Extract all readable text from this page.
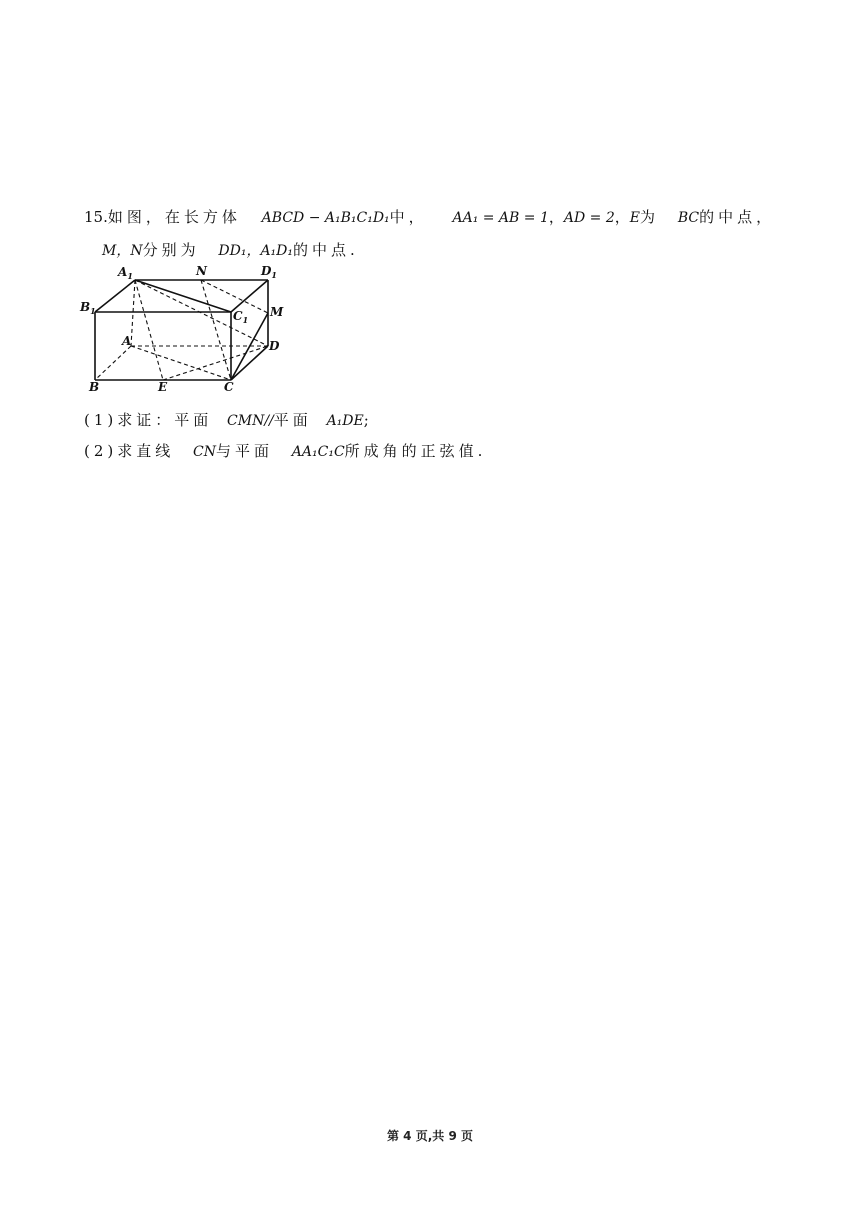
15.如图，在长方体 ABCD − A₁B₁C₁D₁中， AA₁ = AB = 1，AD = 2，E为 BC的中点，
M，N分别为 DD₁，A₁D₁的中点.
$A_1$	N	$D_1$
$B_1$	$C_1$
M
A	D
B	E	C
(1)求证：平面 CMN//平面 A₁DE;
(2)求直线 CN与平面 AA₁C₁C所成角的正弦值.
第 4 页,共 9 页
